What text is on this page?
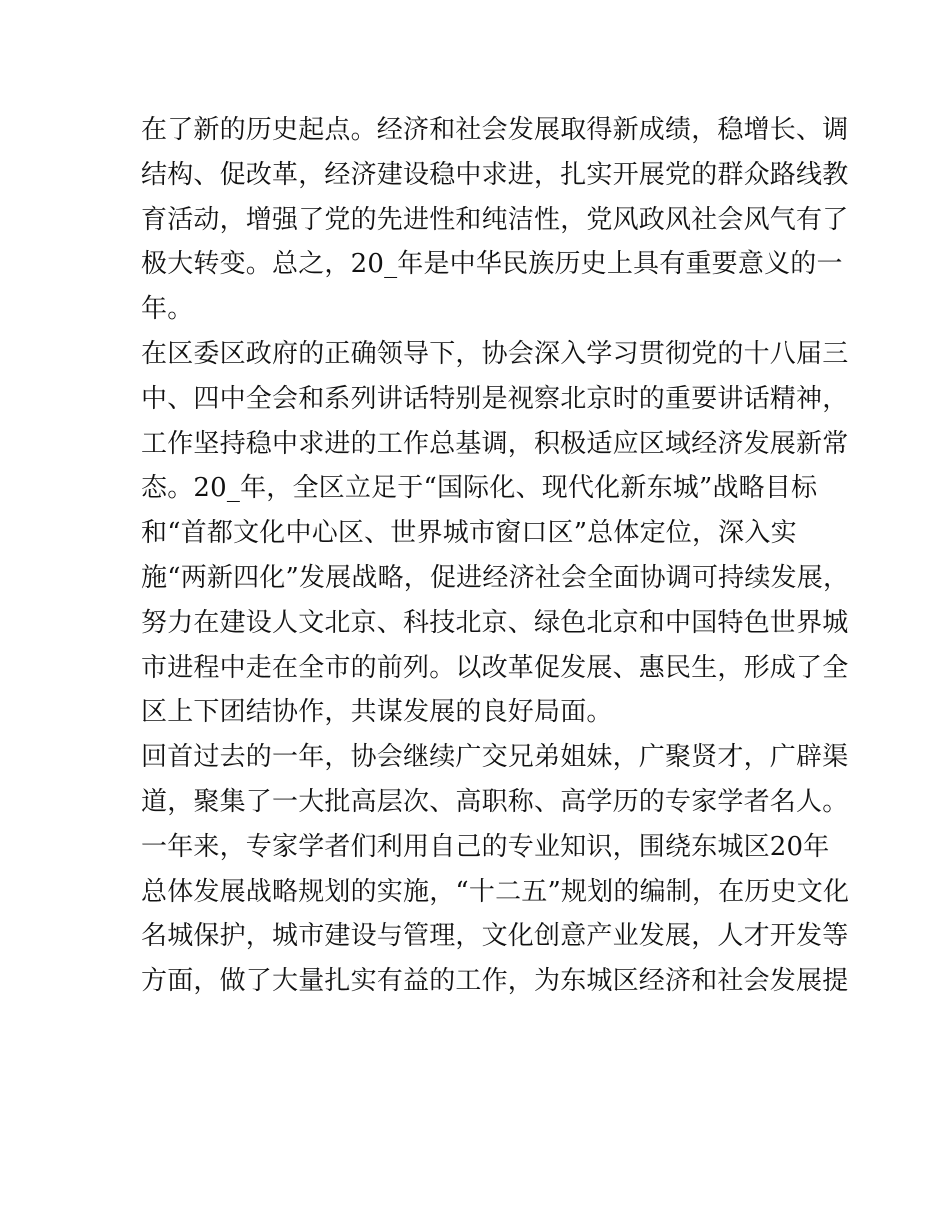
在了新的历史起点。经济和社会发展取得新成绩，稳增长、调
结构、促改革，经济建设稳中求进，扎实开展党的群众路线教
育活动，增强了党的先进性和纯洁性，党风政风社会风气有了
极大转变。总之，20_年是中华民族历史上具有重要意义的一
年。
在区委区政府的正确领导下，协会深入学习贯彻党的十八届三
中、四中全会和系列讲话特别是视察北京时的重要讲话精神，
工作坚持稳中求进的工作总基调，积极适应区域经济发展新常
态。20_年，全区立足于“国际化、现代化新东城”战略目标
和“首都文化中心区、世界城市窗口区”总体定位，深入实
施“两新四化”发展战略，促进经济社会全面协调可持续发展，
努力在建设人文北京、科技北京、绿色北京和中国特色世界城
市进程中走在全市的前列。以改革促发展、惠民生，形成了全
区上下团结协作，共谋发展的良好局面。
回首过去的一年，协会继续广交兄弟姐妹，广聚贤才，广辟渠
道，聚集了一大批高层次、高职称、高学历的专家学者名人。
一年来，专家学者们利用自己的专业知识，围绕东城区20年
总体发展战略规划的实施，“十二五”规划的编制，在历史文化
名城保护，城市建设与管理，文化创意产业发展，人才开发等
方面，做了大量扎实有益的工作，为东城区经济和社会发展提
